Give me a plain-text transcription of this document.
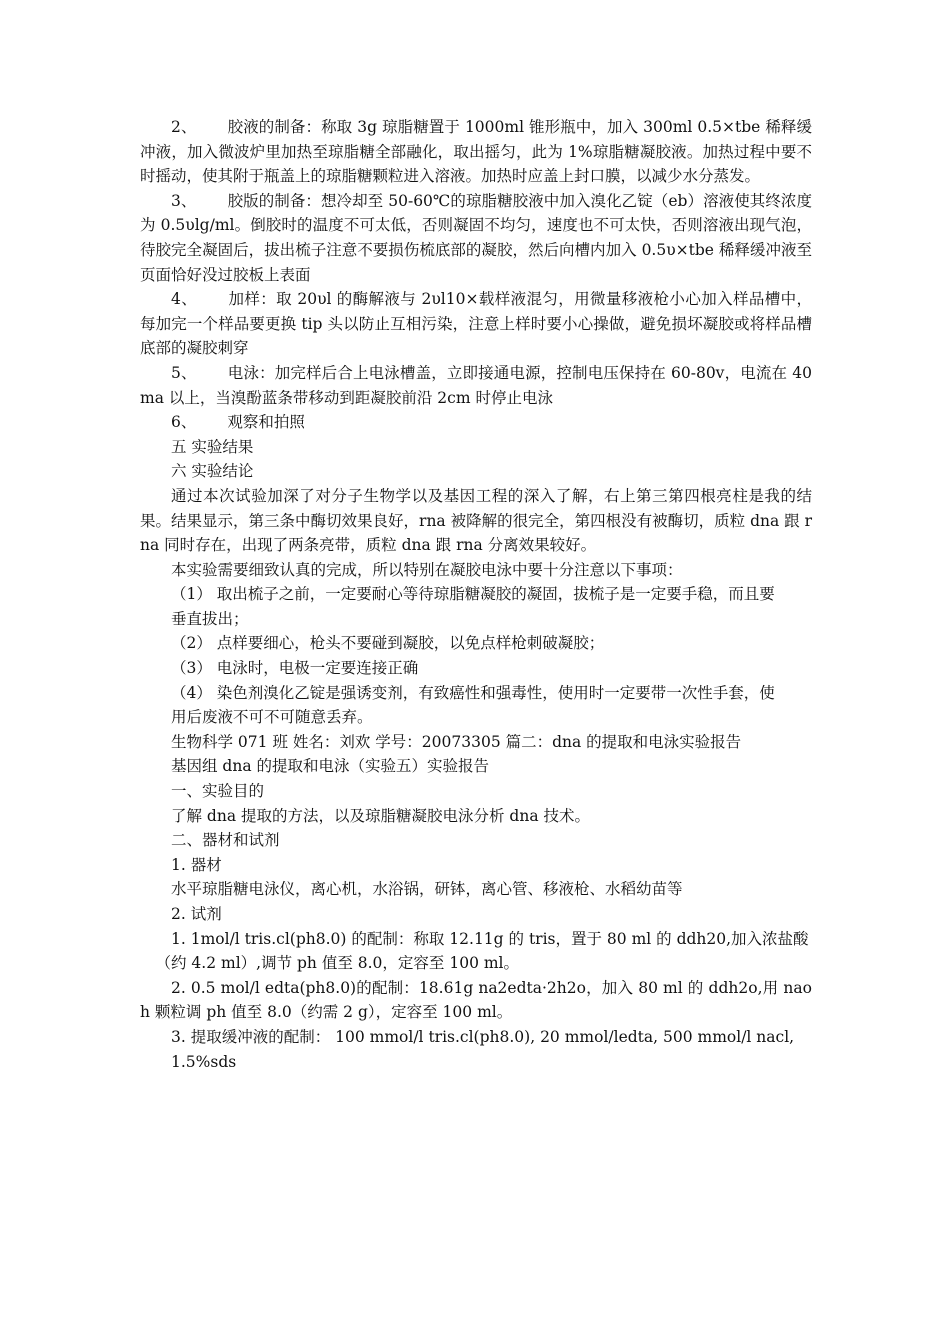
2、 胶液的制备：称取 3g 琼脂糖置于 1000ml 锥形瓶中，加入 300ml 0.5×tbe 稀释缓冲液，加入微波炉里加热至琼脂糖全部融化，取出摇匀，此为 1%琼脂糖凝胶液。加热过程中要不时摇动，使其附于瓶盖上的琼脂糖颗粒进入溶液。加热时应盖上封口膜，以减少水分蒸发。

3、 胶版的制备：想冷却至 50-60℃的琼脂糖胶液中加入溴化乙锭（eb）溶液使其终浓度为 0.5υlg/ml。倒胶时的温度不可太低，否则凝固不均匀，速度也不可太快，否则溶液出现气泡，待胶完全凝固后，拔出梳子注意不要损伤梳底部的凝胶，然后向槽内加入 0.5υ×tbe 稀释缓冲液至页面恰好没过胶板上表面

4、 加样：取 20υl 的酶解液与 2υl10×载样液混匀，用微量移液枪小心加入样品槽中，每加完一个样品要更换 tip 头以防止互相污染，注意上样时要小心操做，避免损坏凝胶或将样品槽底部的凝胶刺穿

5、 电泳：加完样后合上电泳槽盖，立即接通电源，控制电压保持在 60-80v，电流在 40ma 以上，当溴酚蓝条带移动到距凝胶前沿 2cm 时停止电泳

6、 观察和拍照

五 实验结果

六 实验结论

通过本次试验加深了对分子生物学以及基因工程的深入了解，右上第三第四根亮柱是我的结果。结果显示，第三条中酶切效果良好，rna 被降解的很完全，第四根没有被酶切，质粒 dna 跟 rna 同时存在，出现了两条亮带，质粒 dna 跟 rna 分离效果较好。

本实验需要细致认真的完成，所以特别在凝胶电泳中要十分注意以下事项：

（1） 取出梳子之前，一定要耐心等待琼脂糖凝胶的凝固，拔梳子是一定要手稳，而且要

垂直拔出；

（2） 点样要细心，枪头不要碰到凝胶，以免点样枪刺破凝胶；

（3） 电泳时，电极一定要连接正确

（4） 染色剂溴化乙锭是强诱变剂，有致癌性和强毒性，使用时一定要带一次性手套，使

用后废液不可不可随意丢弃。

生物科学 071 班 姓名：刘欢 学号：20073305 篇二：dna 的提取和电泳实验报告

基因组 dna 的提取和电泳（实验五）实验报告

一、实验目的

了解 dna 提取的方法，以及琼脂糖凝胶电泳分析 dna 技术。

二、器材和试剂

1. 器材

水平琼脂糖电泳仪，离心机，水浴锅，研钵，离心管、移液枪、水稻幼苗等

2. 试剂

1. 1mol/l tris.cl(ph8.0) 的配制：称取 12.11g 的 tris，置于 80 ml 的 ddh20,加入浓盐酸

（约 4.2 ml）,调节 ph 值至 8.0，定容至 100 ml。

2. 0.5 mol/l edta(ph8.0)的配制：18.61g na2edta·2h2o，加入 80 ml 的 ddh2o,用 naoh 颗粒调 ph 值至 8.0（约需 2 g），定容至 100 ml。

3. 提取缓冲液的配制： 100 mmol/l tris.cl(ph8.0), 20 mmol/ledta, 500 mmol/l nacl,

1.5%sds
